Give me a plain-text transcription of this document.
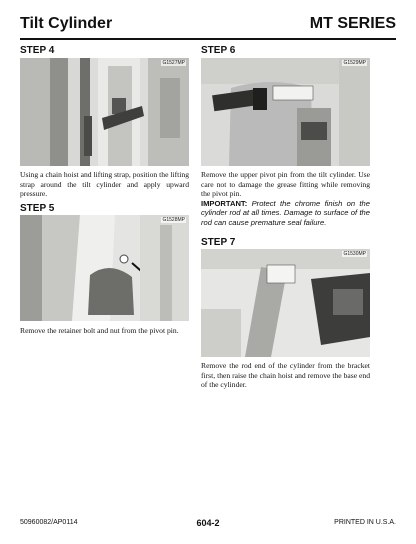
Tilt Cylinder	MT SERIES
STEP 4
G1527MP
Using a chain hoist and lifting strap, position the lifting strap around the tilt cylinder and apply upward pressure.
STEP 5
G1528MP
Remove the retainer bolt and nut from the pivot pin.
STEP 6
G1529MP
Remove the upper pivot pin from the tilt cylinder. Use care not to damage the grease fitting while removing the pivot pin.
IMPORTANT: Protect the chrome finish on the cylinder rod at all times. Damage to surface of the rod can cause premature seal failure.
STEP 7
G1530MP
Remove the rod end of the cylinder from the bracket first, then raise the chain hoist and remove the base end of the cylinder.
50960082/AP0114	604-2	PRINTED IN U.S.A.
